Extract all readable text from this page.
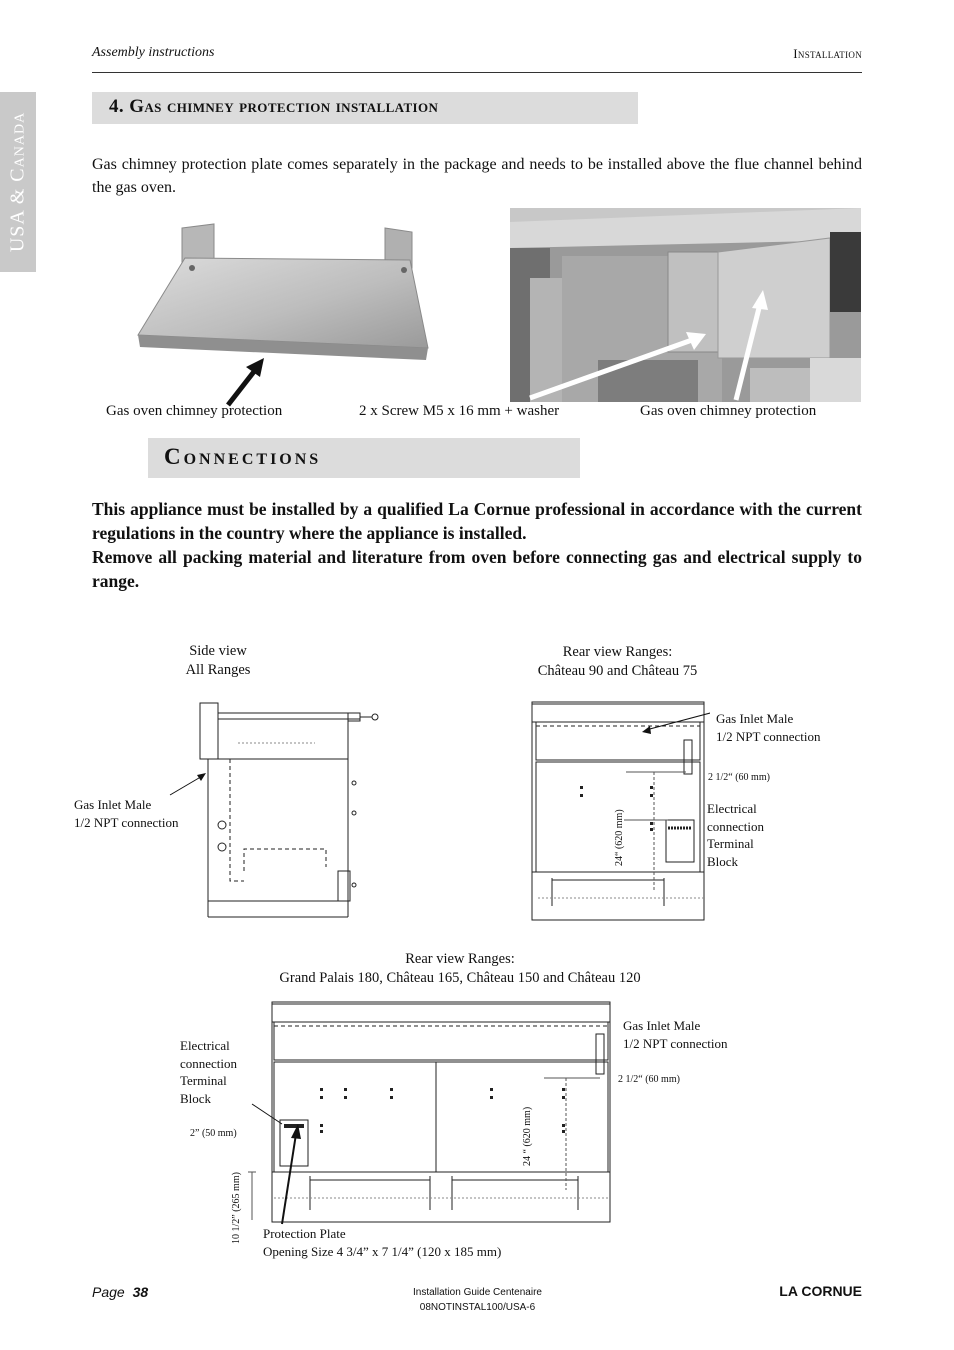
Assembly instructions	Installation
USA & Canada
4. Gas chimney protection installation
Gas chimney protection plate comes separately in the package and needs to be installed above the flue channel behind the gas oven.
Gas oven chimney protection	2 x Screw M5 x 16 mm + washer	Gas oven chimney protection
Connections

This appliance must be installed by a qualified La Cornue professional in accordance with the current regulations in the country where the appliance is installed.

Remove all packing material and literature from oven before connecting gas and electrical supply to range.

Side view
All Ranges
Gas Inlet Male
1/2 NPT connection
Rear view Ranges:
Château 90 and Château 75
Gas Inlet Male
1/2 NPT connection
2 1/2“ (60 mm)
Electrical
connection
Terminal
Block
24“ (620 mm)
Rear view Ranges:
Grand Palais 180, Château 165, Château 150 and Château 120
Electrical
connection
Terminal
Block
Gas Inlet Male
1/2 NPT connection
2 1/2“ (60 mm)
2” (50 mm)	24 “ (620 mm)
10 1/2” (265 mm) Protection Plate
Opening Size 4 3/4” x 7 1/4” (120 x 185 mm)
Page 38	Installation Guide Centenaire
08NOTINSTAL100/USA-6
LA CORNUE
